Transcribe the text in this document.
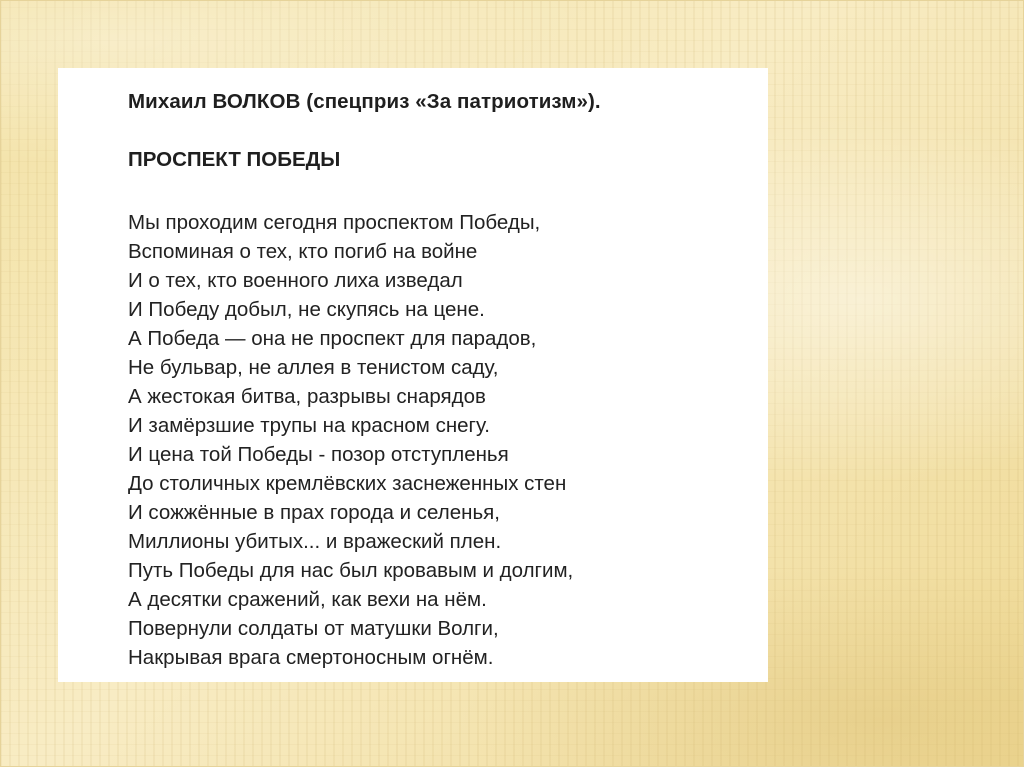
Михаил ВОЛКОВ (спецприз «За патриотизм»).
ПРОСПЕКТ ПОБЕДЫ
Мы проходим сегодня проспектом Победы,
Вспоминая о тех, кто погиб на войне
И о тех, кто военного лиха изведал
И Победу добыл, не скупясь на цене.
А Победа — она не проспект для парадов,
Не бульвар, не аллея в тенистом саду,
А жестокая битва, разрывы снарядов
И замёрзшие трупы на красном снегу.
И цена той Победы - позор отступленья
До столичных кремлёвских заснеженных стен
И сожжённые в прах города и селенья,
Миллионы убитых... и вражеский плен.
Путь Победы для нас был кровавым и долгим,
А десятки сражений, как вехи на нём.
Повернули солдаты от матушки Волги,
Накрывая врага смертоносным огнём.
